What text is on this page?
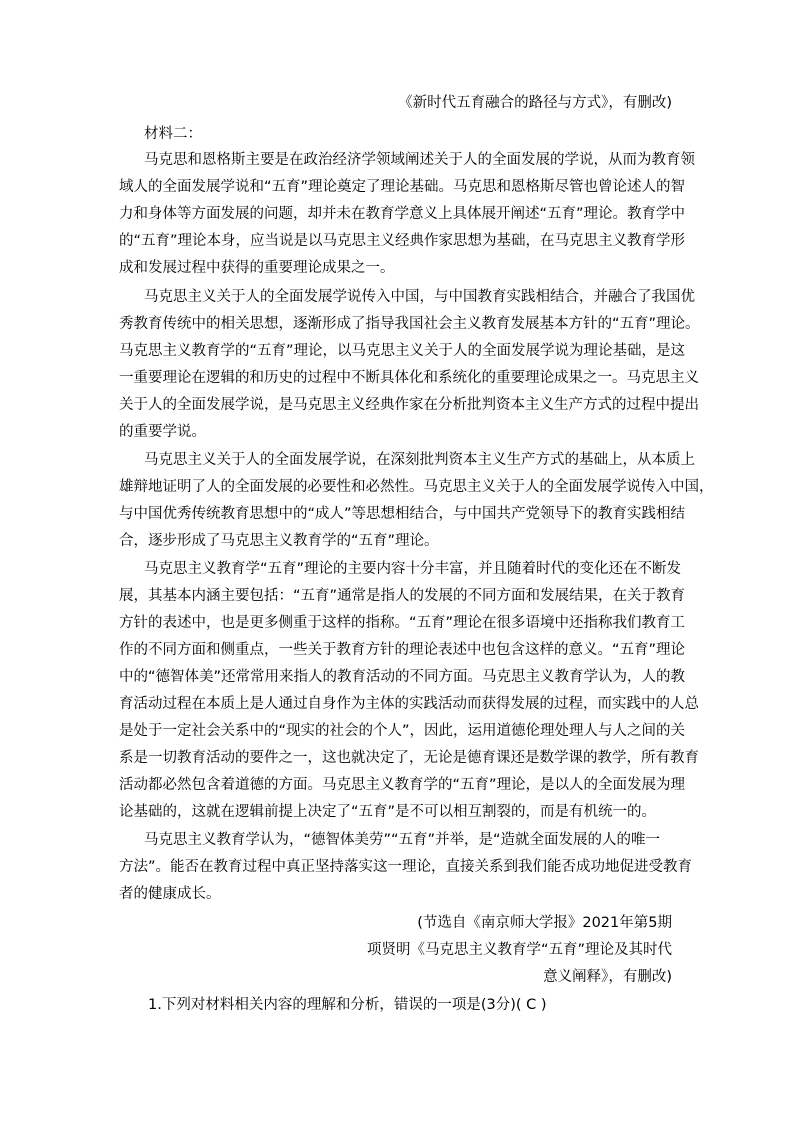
《新时代五育融合的路径与方式》，有删改)
材料二：
马克思和恩格斯主要是在政治经济学领域阐述关于人的全面发展的学说，从而为教育领
域人的全面发展学说和“五育”理论奠定了理论基础。马克思和恩格斯尽管也曾论述人的智
力和身体等方面发展的问题，却并未在教育学意义上具体展开阐述“五育”理论。教育学中
的“五育”理论本身，应当说是以马克思主义经典作家思想为基础，在马克思主义教育学形
成和发展过程中获得的重要理论成果之一。
马克思主义关于人的全面发展学说传入中国，与中国教育实践相结合，并融合了我国优
秀教育传统中的相关思想，逐渐形成了指导我国社会主义教育发展基本方针的“五育”理论。
马克思主义教育学的“五育”理论，以马克思主义关于人的全面发展学说为理论基础，是这
一重要理论在逻辑的和历史的过程中不断具体化和系统化的重要理论成果之一。马克思主义
关于人的全面发展学说，是马克思主义经典作家在分析批判资本主义生产方式的过程中提出
的重要学说。
马克思主义关于人的全面发展学说，在深刻批判资本主义生产方式的基础上，从本质上
雄辩地证明了人的全面发展的必要性和必然性。马克思主义关于人的全面发展学说传入中国，
与中国优秀传统教育思想中的“成人”等思想相结合，与中国共产党领导下的教育实践相结
合，逐步形成了马克思主义教育学的“五育”理论。
马克思主义教育学“五育”理论的主要内容十分丰富，并且随着时代的变化还在不断发
展，其基本内涵主要包括：“五育”通常是指人的发展的不同方面和发展结果，在关于教育
方针的表述中，也是更多侧重于这样的指称。“五育”理论在很多语境中还指称我们教育工
作的不同方面和侧重点，一些关于教育方针的理论表述中也包含这样的意义。“五育”理论
中的“德智体美”还常常用来指人的教育活动的不同方面。马克思主义教育学认为，人的教
育活动过程在本质上是人通过自身作为主体的实践活动而获得发展的过程，而实践中的人总
是处于一定社会关系中的“现实的社会的个人”，因此，运用道德伦理处理人与人之间的关
系是一切教育活动的要件之一，这也就决定了，无论是德育课还是数学课的教学，所有教育
活动都必然包含着道德的方面。马克思主义教育学的“五育”理论，是以人的全面发展为理
论基础的，这就在逻辑前提上决定了“五育”是不可以相互割裂的，而是有机统一的。
马克思主义教育学认为，“德智体美劳”“五育”并举，是“造就全面发展的人的唯一
方法”。能否在教育过程中真正坚持落实这一理论，直接关系到我们能否成功地促进受教育
者的健康成长。
(节选自《南京师大学报》2021年第5期
项贤明《马克思主义教育学“五育”理论及其时代
意义阐释》，有删改)
1.下列对材料相关内容的理解和分析，错误的一项是(3分)( C )
